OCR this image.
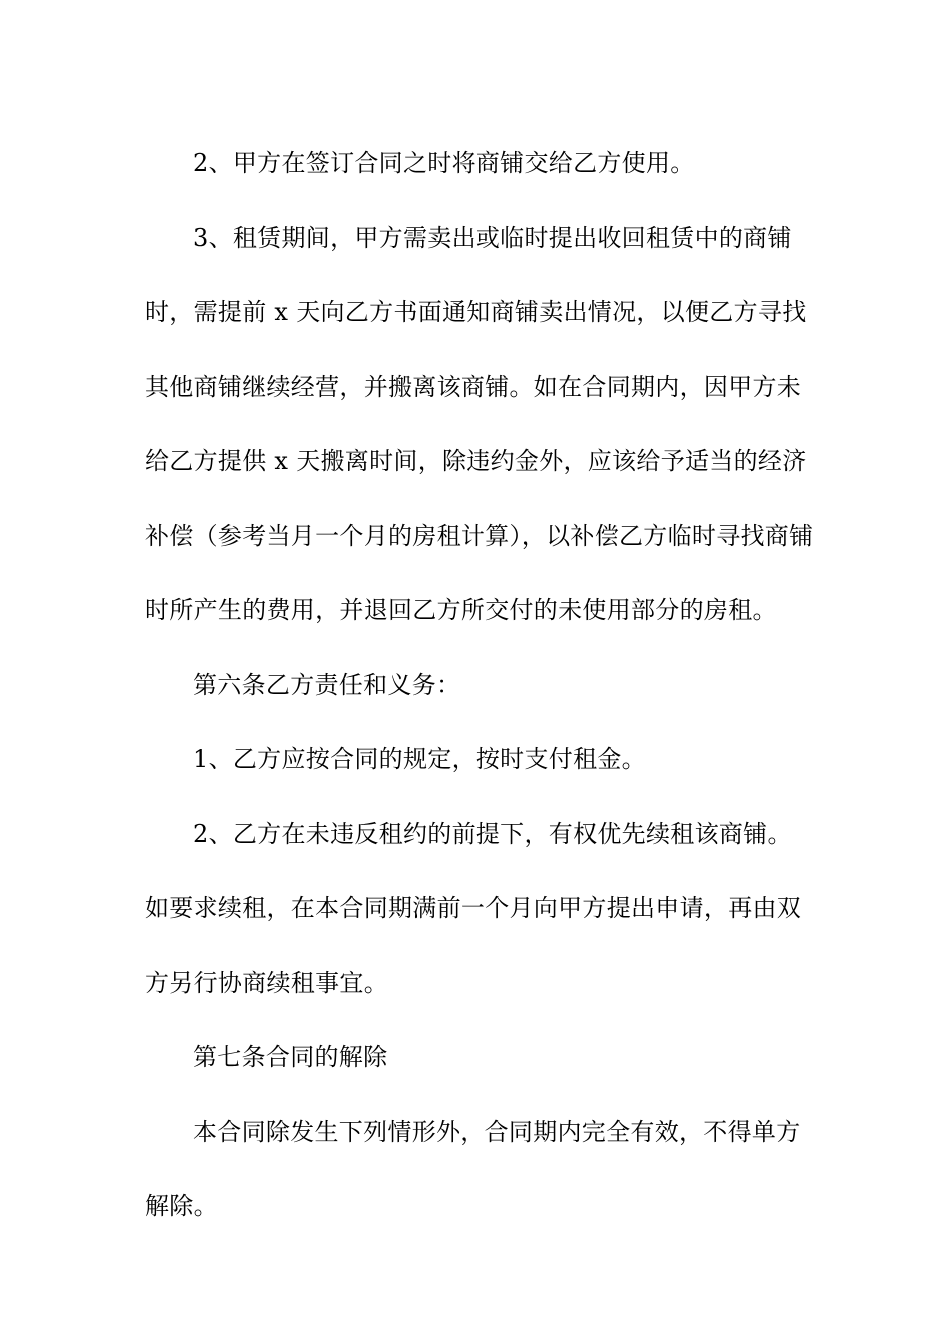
2、甲方在签订合同之时将商铺交给乙方使用。

3、租赁期间，甲方需卖出或临时提出收回租赁中的商铺时，需提前 x 天向乙方书面通知商铺卖出情况，以便乙方寻找其他商铺继续经营，并搬离该商铺。如在合同期内，因甲方未给乙方提供 x 天搬离时间，除违约金外，应该给予适当的经济补偿（参考当月一个月的房租计算），以补偿乙方临时寻找商铺时所产生的费用，并退回乙方所交付的未使用部分的房租。

第六条乙方责任和义务：

1、乙方应按合同的规定，按时支付租金。

2、乙方在未违反租约的前提下，有权优先续租该商铺。如要求续租，在本合同期满前一个月向甲方提出申请，再由双方另行协商续租事宜。

第七条合同的解除

本合同除发生下列情形外，合同期内完全有效，不得单方解除。
